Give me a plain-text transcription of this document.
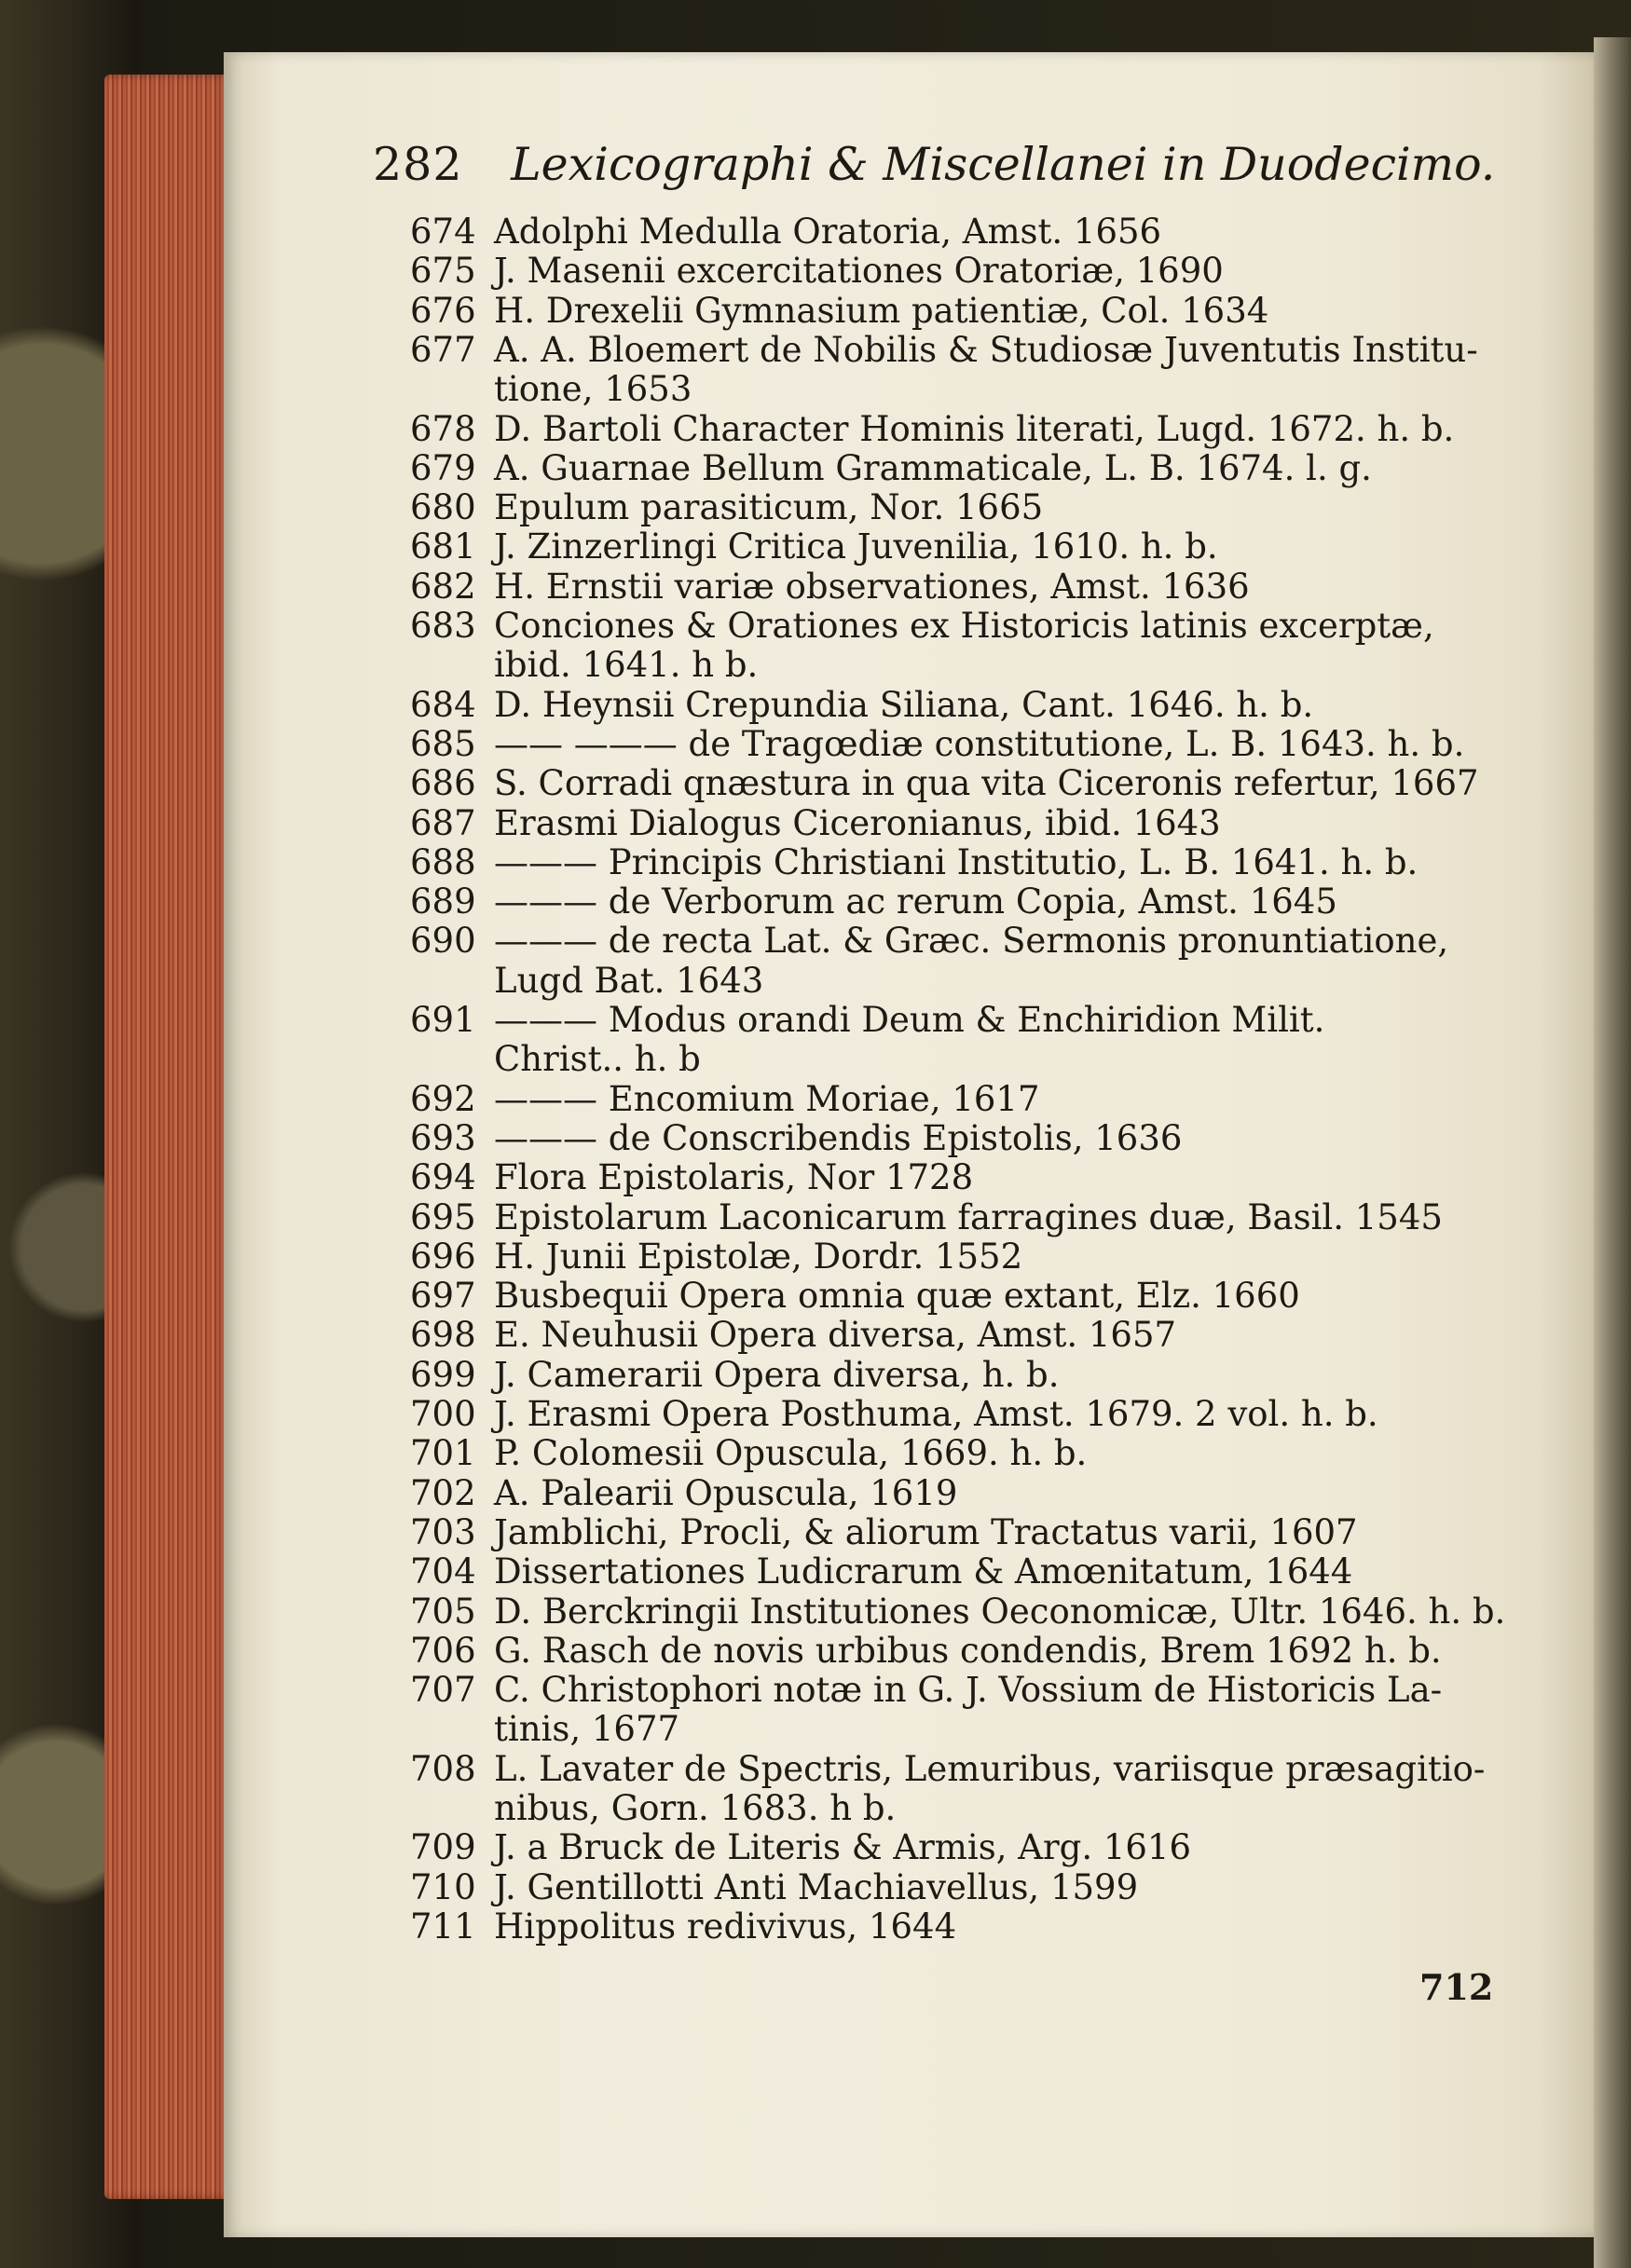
282 Lexicographi & Miscellanei in Duodecimo.
674 Adolphi Medulla Oratoria, Amst. 1656
675 J. Masenii excercitationes Oratoriæ, 1690
676 H. Drexelii Gymnasium patientiæ, Col. 1634
677 A. A. Bloemert de Nobilis & Studiosæ Juventutis Institu-
tione, 1653
678 D. Bartoli Character Hominis literati, Lugd. 1672. h. b.
679 A. Guarnae Bellum Grammaticale, L. B. 1674. l. g.
680 Epulum parasiticum, Nor. 1665
681 J. Zinzerlingi Critica Juvenilia, 1610. h. b.
682 H. Ernstii variæ observationes, Amst. 1636
683 Conciones & Orationes ex Historicis latinis excerptæ,
ibid. 1641. h b.
684 D. Heynsii Crepundia Siliana, Cant. 1646. h. b.
685 —— ——— de Tragœdiæ constitutione, L. B. 1643. h. b.
686 S. Corradi qnæstura in qua vita Ciceronis refertur, 1667
687 Erasmi Dialogus Ciceronianus, ibid. 1643
688 ——— Principis Christiani Institutio, L. B. 1641. h. b.
689 ——— de Verborum ac rerum Copia, Amst. 1645
690 ——— de recta Lat. & Græc. Sermonis pronuntiatione,
Lugd Bat. 1643
691 ——— Modus orandi Deum & Enchiridion Milit.
Christ.. h. b
692 ——— Encomium Moriae, 1617
693 ——— de Conscribendis Epistolis, 1636
694 Flora Epistolaris, Nor 1728
695 Epistolarum Laconicarum farragines duæ, Basil. 1545
696 H. Junii Epistolæ, Dordr. 1552
697 Busbequii Opera omnia quæ extant, Elz. 1660
698 E. Neuhusii Opera diversa, Amst. 1657
699 J. Camerarii Opera diversa, h. b.
700 J. Erasmi Opera Posthuma, Amst. 1679. 2 vol. h. b.
701 P. Colomesii Opuscula, 1669. h. b.
702 A. Palearii Opuscula, 1619
703 Jamblichi, Procli, & aliorum Tractatus varii, 1607
704 Dissertationes Ludicrarum & Amœnitatum, 1644
705 D. Berckringii Institutiones Oeconomicæ, Ultr. 1646. h. b.
706 G. Rasch de novis urbibus condendis, Brem 1692 h. b.
707 C. Christophori notæ in G. J. Vossium de Historicis La-
tinis, 1677
708 L. Lavater de Spectris, Lemuribus, variisque præsagitio-
nibus, Gorn. 1683. h b.
709 J. a Bruck de Literis & Armis, Arg. 1616
710 J. Gentillotti Anti Machiavellus, 1599
711 Hippolitus redivivus, 1644
712
